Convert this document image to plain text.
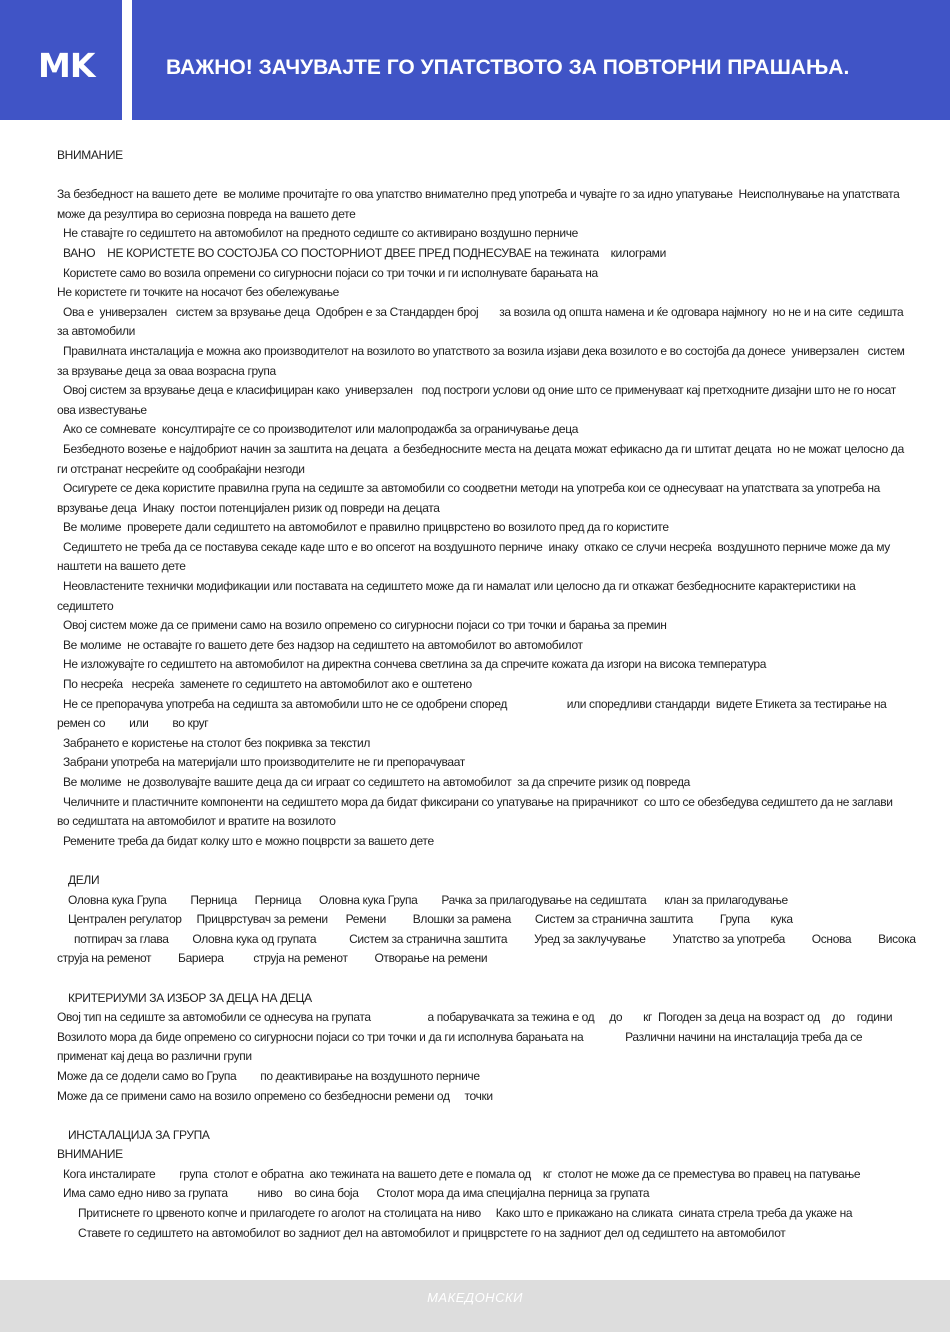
MK	ВАЖНО! ЗАЧУВАЈТЕ ГО УПАТСТВОТО ЗА ПОВТОРНИ ПРАШАЊА.

ВНИМАНИЕ

За безбедност на вашето дете  ве молиме прочитајте го ова упатство внимателно пред употреба и чувајте го за идно упатување  Неисполнување на упатствата

може да резултира во сериозна повреда на вашето дете

Не ставајте го седиштето на автомобилот на предното седиште со активирано воздушно перниче

ВАНО    НЕ КОРИСТЕТЕ ВО СОСТОЈБА СО ПОСТОРНИОТ ДВЕЕ ПРЕД ПОДНЕСУВАЕ на тежината    килограми

Користете само во возила опремени со сигурносни појаси со три точки и ги исполнувате барањата на

Не користете ги точките на носачот без обележување

Ова е  универзален   систем за врзување деца  Одобрен е за Стандарден број       за возила од општа намена и ќе одговара најмногу  но не и на сите  седишта

за автомобили

Правилната инсталација е можна ако производителот на возилото во упатството за возила изјави дека возилото е во состојба да донесе  универзален   систем

за врзување деца за оваа возрасна група

Овој систем за врзување деца е класифициран како  универзален   под построги услови од оние што се применуваат кај претходните дизајни што не го носат

ова известување

Ако се сомневате  консултирајте се со производителот или малопродажба за ограничување деца

Безбедното возење е најдобриот начин за заштита на децата  а безбедносните места на децата можат ефикасно да ги штитат децата  но не можат целосно да

ги отстранат несреќите од сообраќајни незгоди

Осигурете се дека користите правилна група на седиште за автомобили со соодветни методи на употреба кои се однесуваат на упатствата за употреба на

врзување деца  Инаку  постои потенцијален ризик од повреди на децата

Ве молиме  проверете дали седиштето на автомобилот е правилно прицврстено во возилото пред да го користите

Седиштето не треба да се поставува секаде каде што е во опсегот на воздушното перниче  инаку  откако се случи несреќа  воздушното перниче може да му

наштети на вашето дете

Неовластените технички модификации или поставата на седиштето може да ги намалат или целосно да ги откажат безбедносните карактеристики на

седиштето

Овој систем може да се примени само на возило опремено со сигурносни појаси со три точки и барања за премин

Ве молиме  не оставајте го вашето дете без надзор на седиштето на автомобилот во автомобилот

Не изложувајте го седиштето на автомобилот на директна сончева светлина за да спречите кожата да изгори на висока температура

По несреќа   несреќа  заменете го седиштето на автомобилот ако е оштетено

Не се препорачува употреба на седишта за автомобили што не се одобрени според                    или споредливи стандарди  видете Етикета за тестирање на

ремен со        или        во круг

Забрането е користење на столот без покривка за текстил

Забрани употреба на материјали што производителите не ги препорачуваат

Ве молиме  не дозволувајте вашите деца да си играат со седиштето на автомобилот  за да спречите ризик од повреда

Челичните и пластичните компоненти на седиштето мора да бидат фиксирани со упатување на прирачникот  со што се обезбедува седиштето да не заглави

во седиштата на автомобилот и вратите на возилото

Ремените треба да бидат колку што е можно поцврсти за вашето дете

ДЕЛИ

Оловна кука Група        Перница      Перница      Оловна кука Група        Рачка за прилагодување на седиштата      клан за прилагодување

Централен регулатор     Прицврстувач за ремени      Ремени         Влошки за рамена        Систем за странична заштита         Група       кука

потпирач за глава        Оловна кука од групата           Систем за странична заштита         Уред за заклучување         Упатство за употреба         Основа         Висока

струја на ременот         Бариера          струја на ременот         Отворање на ремени

КРИТЕРИУМИ ЗА ИЗБОР ЗА ДЕЦА НА ДЕЦА

Овој тип на седиште за автомобили се однесува на групата                   а побарувачката за тежина е од     до       кг  Погоден за деца на возраст од    до    години

Возилото мора да биде опремено со сигурносни појаси со три точки и да ги исполнува барањата на              Различни начини на инсталација треба да се

применат кај деца во различни групи

Може да се додели само во Група        по деактивирање на воздушното перниче

Може да се примени само на возило опремено со безбедносни ремени од     точки

ИНСТАЛАЦИЈА ЗА ГРУПА

ВНИМАНИЕ

Кога инсталирате        група  столот е обратна  ако тежината на вашето дете е помала од    кг  столот не може да се преместува во правец на патување

Има само едно ниво за групата          ниво    во сина боја      Столот мора да има специјална перница за групата

Притиснете го црвеното копче и прилагодете го аголот на столицата на ниво     Како што е прикажано на сликата  сината стрела треба да укаже на

Ставете го седиштето на автомобилот во задниот дел на автомобилот и прицврстете го на задниот дел од седиштето на автомобилот

МАКЕДОНСКИ
